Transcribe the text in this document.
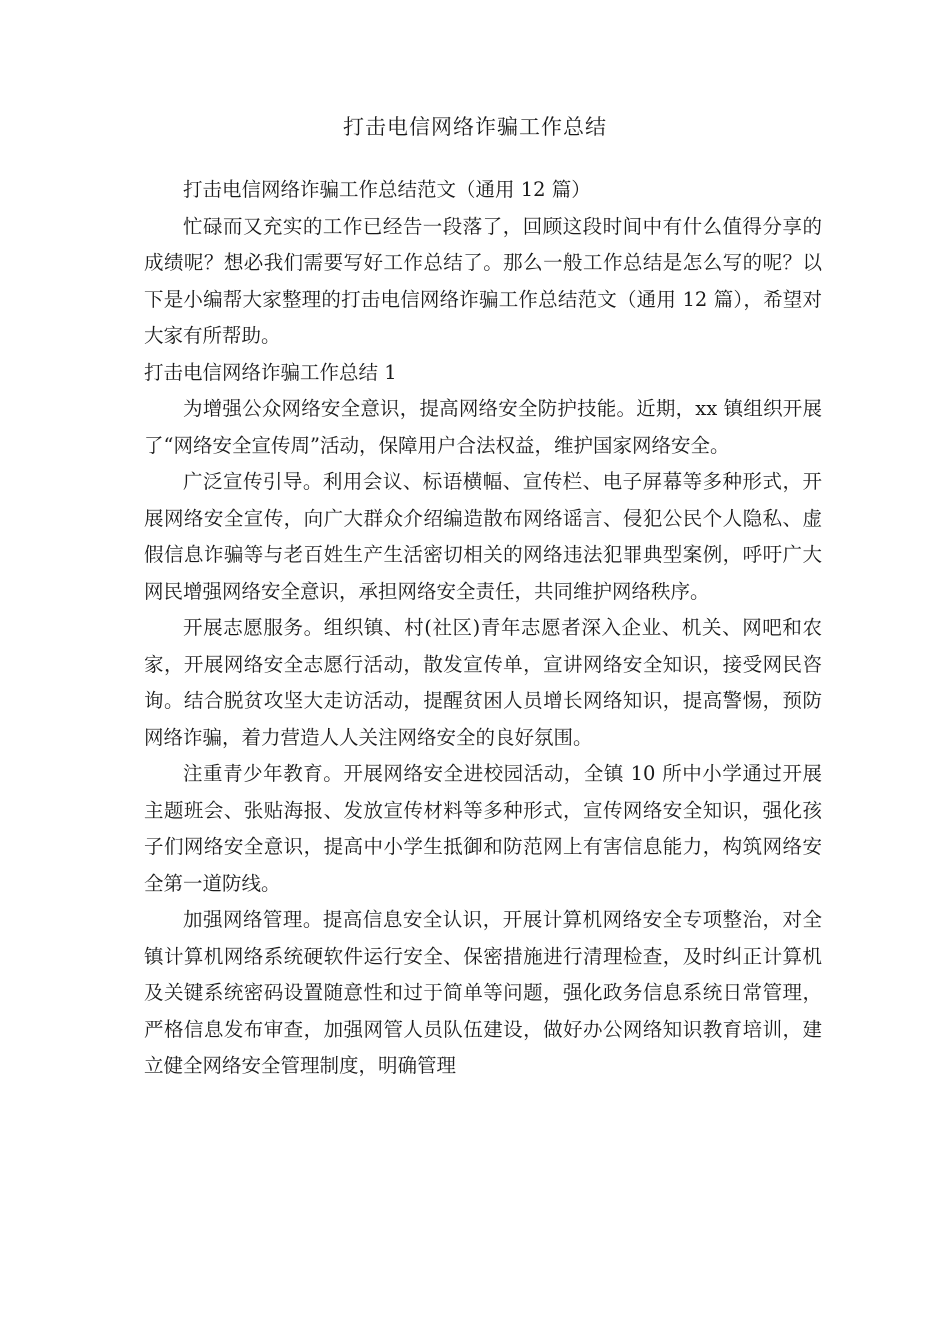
打击电信网络诈骗工作总结

打击电信网络诈骗工作总结范文（通用 12 篇）

忙碌而又充实的工作已经告一段落了，回顾这段时间中有什么值得分享的成绩呢？想必我们需要写好工作总结了。那么一般工作总结是怎么写的呢？以下是小编帮大家整理的打击电信网络诈骗工作总结范文（通用 12 篇），希望对大家有所帮助。

打击电信网络诈骗工作总结 1

为增强公众网络安全意识，提高网络安全防护技能。近期，xx 镇组织开展了“网络安全宣传周”活动，保障用户合法权益，维护国家网络安全。

广泛宣传引导。利用会议、标语横幅、宣传栏、电子屏幕等多种形式，开展网络安全宣传，向广大群众介绍编造散布网络谣言、侵犯公民个人隐私、虚假信息诈骗等与老百姓生产生活密切相关的网络违法犯罪典型案例，呼吁广大网民增强网络安全意识，承担网络安全责任，共同维护网络秩序。

开展志愿服务。组织镇、村(社区)青年志愿者深入企业、机关、网吧和农家，开展网络安全志愿行活动，散发宣传单，宣讲网络安全知识，接受网民咨询。结合脱贫攻坚大走访活动，提醒贫困人员增长网络知识，提高警惕，预防网络诈骗，着力营造人人关注网络安全的良好氛围。

注重青少年教育。开展网络安全进校园活动，全镇 10 所中小学通过开展主题班会、张贴海报、发放宣传材料等多种形式，宣传网络安全知识，强化孩子们网络安全意识，提高中小学生抵御和防范网上有害信息能力，构筑网络安全第一道防线。

加强网络管理。提高信息安全认识，开展计算机网络安全专项整治，对全镇计算机网络系统硬软件运行安全、保密措施进行清理检查，及时纠正计算机及关键系统密码设置随意性和过于简单等问题，强化政务信息系统日常管理，严格信息发布审查，加强网管人员队伍建设，做好办公网络知识教育培训，建立健全网络安全管理制度，明确管理
